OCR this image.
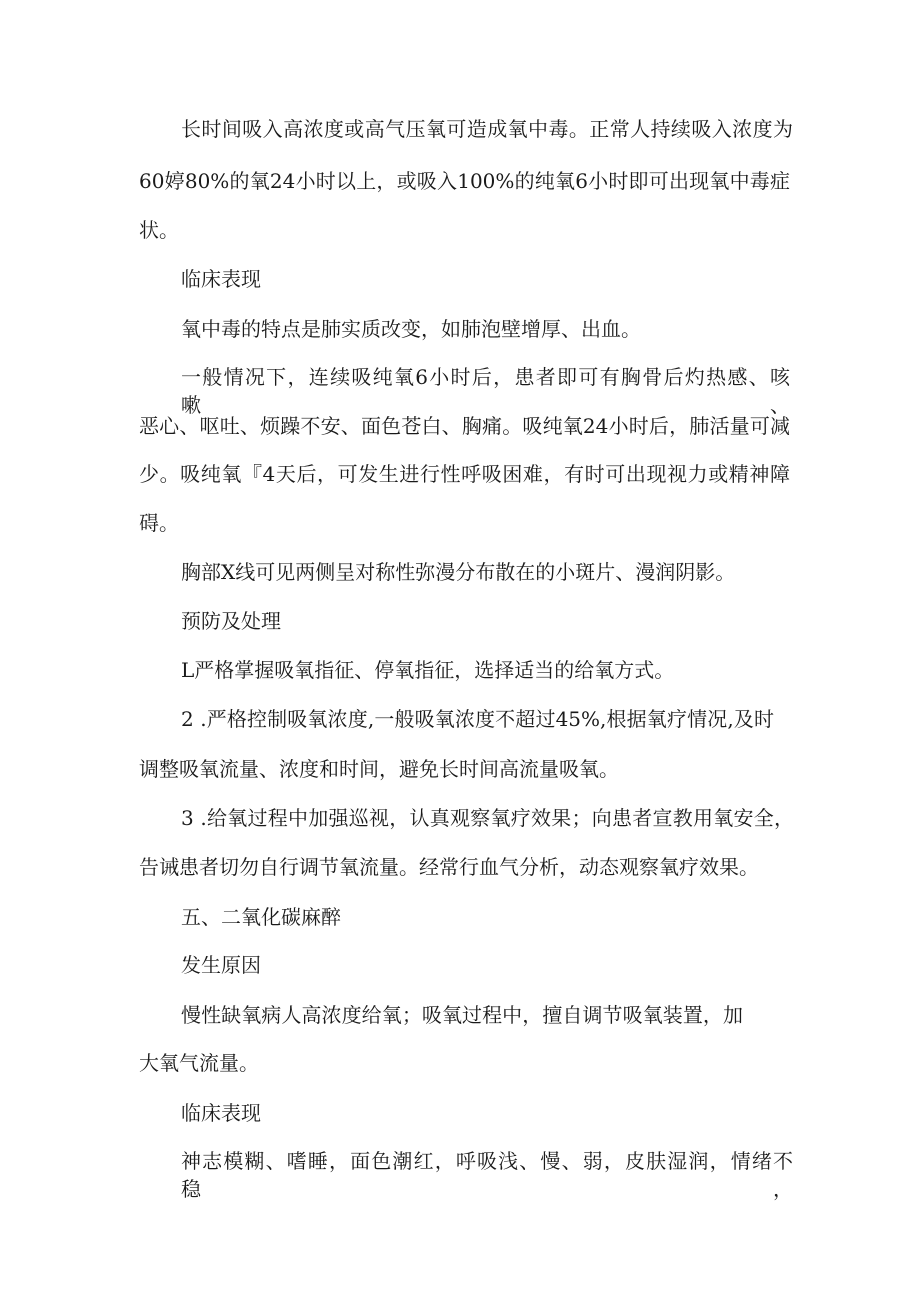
长时间吸入高浓度或高气压氧可造成氧中毒。正常人持续吸入浓度为
60婷80%的氧24小时以上，或吸入100%的纯氧6小时即可出现氧中毒症
状。
临床表现
氧中毒的特点是肺实质改变，如肺泡壁增厚、出血。
一般情况下，连续吸纯氧6小时后，患者即可有胸骨后灼热感、咳嗽、
恶心、呕吐、烦躁不安、面色苍白、胸痛。吸纯氧24小时后，肺活量可减
少。吸纯氧『4天后，可发生进行性呼吸困难，有时可出现视力或精神障
碍。
胸部X线可见两侧呈对称性弥漫分布散在的小斑片、漫润阴影。
预防及处理
L严格掌握吸氧指征、停氧指征，选择适当的给氧方式。
2 .严格控制吸氧浓度,一般吸氧浓度不超过45%,根据氧疗情况,及时
调整吸氧流量、浓度和时间，避免长时间高流量吸氧。
3 .给氧过程中加强巡视，认真观察氧疗效果；向患者宣教用氧安全，
告诫患者切勿自行调节氧流量。经常行血气分析，动态观察氧疗效果。
五、二氧化碳麻醉
发生原因
慢性缺氧病人高浓度给氧；吸氧过程中，擅自调节吸氧装置，加
大氧气流量。
临床表现
神志模糊、嗜睡，面色潮红，呼吸浅、慢、弱，皮肤湿润，情绪不稳，
